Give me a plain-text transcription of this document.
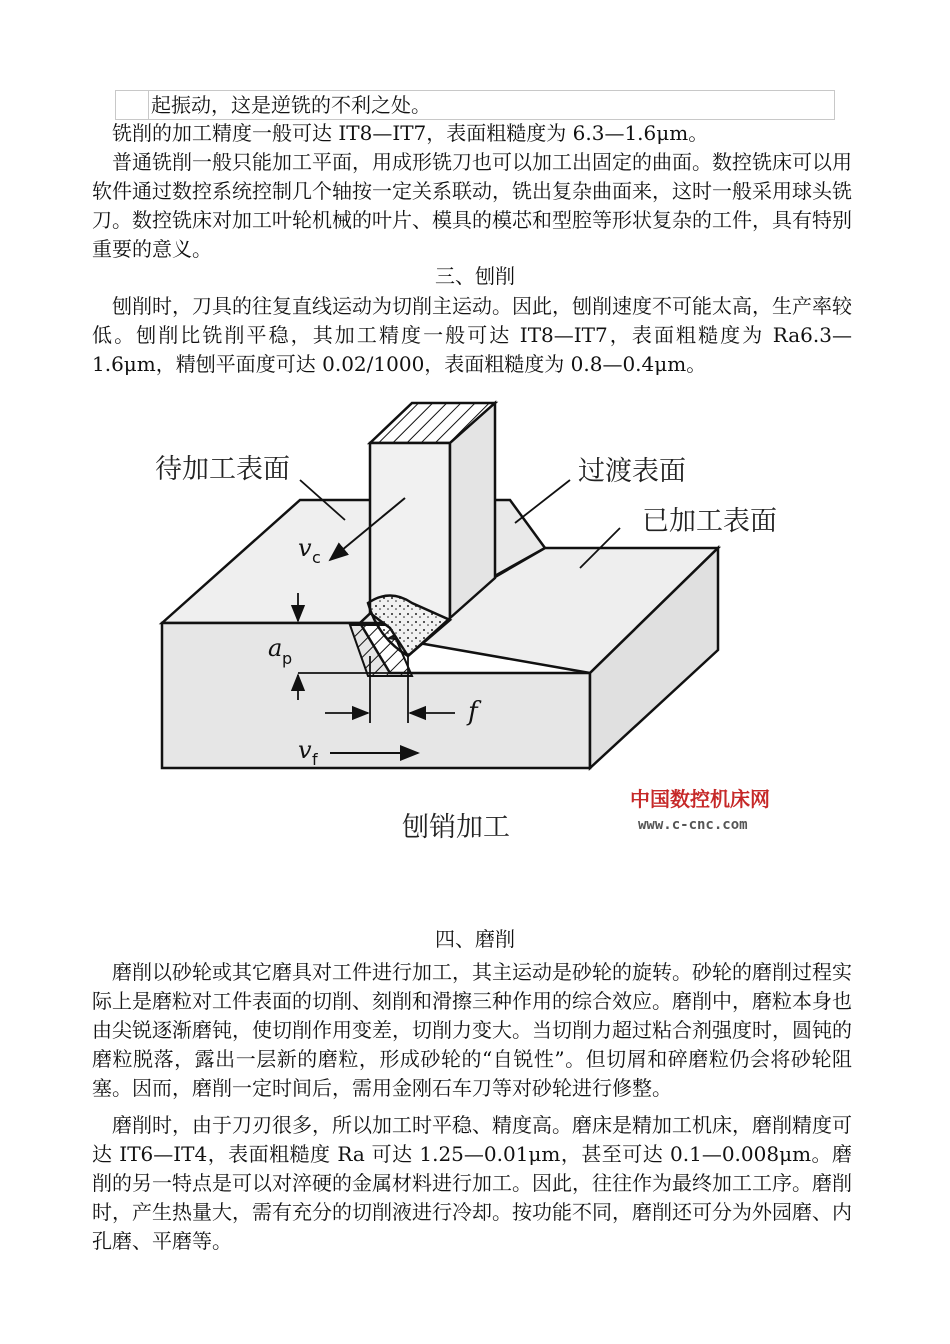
起振动，这是逆铣的不利之处。

铣削的加工精度一般可达 IT8—IT7，表面粗糙度为 6.3—1.6μm。

普通铣削一般只能加工平面，用成形铣刀也可以加工出固定的曲面。数控铣床可以用软件通过数控系统控制几个轴按一定关系联动，铣出复杂曲面来，这时一般采用球头铣刀。数控铣床对加工叶轮机械的叶片、模具的模芯和型腔等形状复杂的工件，具有特别重要的意义。

三、刨削

刨削时，刀具的往复直线运动为切削主运动。因此，刨削速度不可能太高，生产率较低。刨削比铣削平稳，其加工精度一般可达 IT8—IT7，表面粗糙度为 Ra6.3—1.6μm，精刨平面度可达 0.02/1000，表面粗糙度为 0.8—0.4μm。

待加工表面	过渡表面
已加工表面
v c
a p
f
v f
刨销加工
中国数控机床网
www.c-cnc.com
四、磨削

磨削以砂轮或其它磨具对工件进行加工，其主运动是砂轮的旋转。砂轮的磨削过程实际上是磨粒对工件表面的切削、刻削和滑擦三种作用的综合效应。磨削中，磨粒本身也由尖锐逐渐磨钝，使切削作用变差，切削力变大。当切削力超过粘合剂强度时，圆钝的磨粒脱落，露出一层新的磨粒，形成砂轮的“自锐性”。但切屑和碎磨粒仍会将砂轮阻塞。因而，磨削一定时间后，需用金刚石车刀等对砂轮进行修整。

磨削时，由于刀刃很多，所以加工时平稳、精度高。磨床是精加工机床，磨削精度可达 IT6—IT4，表面粗糙度 Ra 可达 1.25—0.01μm，甚至可达 0.1—0.008μm。磨削的另一特点是可以对淬硬的金属材料进行加工。因此，往往作为最终加工工序。磨削时，产生热量大，需有充分的切削液进行冷却。按功能不同，磨削还可分为外园磨、内孔磨、平磨等。
